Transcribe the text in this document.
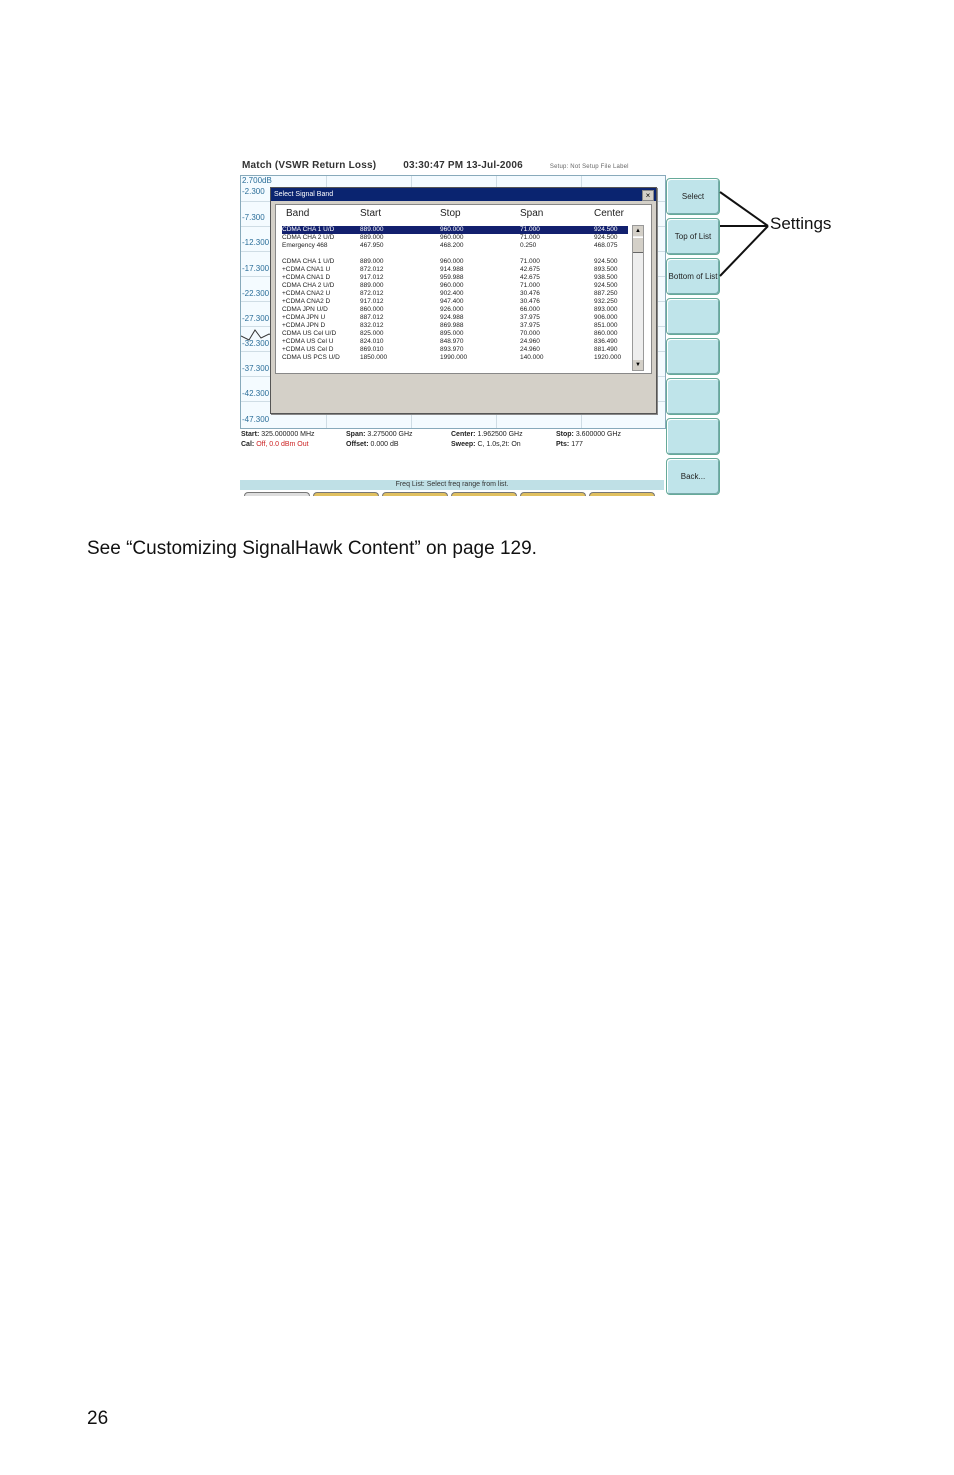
Match (VSWR Return Loss)	03:30:47 PM 13-Jul-2006	Setup: Not Setup File Label
2.700dB
-2.300
-7.300
-12.300
-17.300
-22.300
-27.300
-32.300
-37.300
-42.300
-47.300
Select Signal Band	×
Band	Start	Stop	Span	Center
CDMA CHA 1 U/D	889.000	960.000	71.000	924.500
CDMA CHA 2 U/D	889.000	960.000	71.000	924.500
Emergency 468	467.950	468.200	0.250	468.075
CDMA CHA 1 U/D	889.000	960.000	71.000	924.500
+CDMA CNA1 U	872.012	914.988	42.675	893.500
+CDMA CNA1 D	917.012	959.988	42.675	938.500
CDMA CHA 2 U/D	889.000	960.000	71.000	924.500
+CDMA CNA2 U	872.012	902.400	30.476	887.250
+CDMA CNA2 D	917.012	947.400	30.476	932.250
CDMA JPN U/D	860.000	926.000	66.000	893.000
+CDMA JPN U	887.012	924.988	37.975	906.000
+CDMA JPN D	832.012	869.988	37.975	851.000
CDMA US Cel U/D	825.000	895.000	70.000	860.000
+CDMA US Cel U	824.010	848.970	24.960	836.490
+CDMA US Cel D	869.010	893.970	24.960	881.490
CDMA US PCS U/D	1850.000	1990.000	140.000	1920.000
▲
▼
Start: 325.000000 MHz	Span: 3.275000 GHz	Center: 1.962500 GHz	Stop: 3.600000 GHz
Cal: Off, 0.0 dBm Out	Offset: 0.000 dB	Sweep: C, 1.0s,2t: On	Pts: 177
Freq List: Select freq range from list.
Select
Top of List
Bottom of List
Back...
Settings
See “Customizing SignalHawk Content” on page 129.
26
